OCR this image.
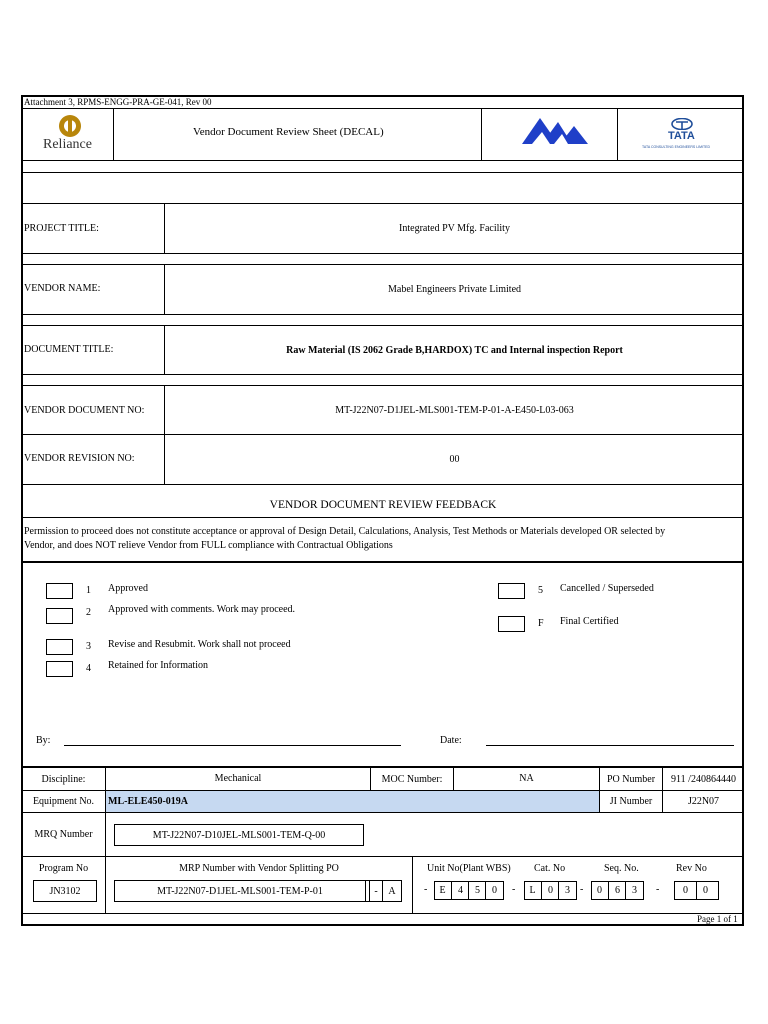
Attachment 3, RPMS-ENGG-PRA-GE-041, Rev 00
Reliance
Vendor Document Review Sheet (DECAL)	TATA
TATA CONSULTING ENGINEERS LIMITED
PROJECT TITLE:	Integrated PV Mfg. Facility
VENDOR NAME:	Mabel Engineers Private Limited
DOCUMENT TITLE:	Raw Material (IS 2062 Grade B,HARDOX) TC and Internal inspection Report
VENDOR DOCUMENT NO:	MT-J22N07-D1JEL-MLS001-TEM-P-01-A-E450-L03-063
VENDOR REVISION NO:	00
VENDOR DOCUMENT REVIEW FEEDBACK
Permission to proceed does not constitute acceptance or approval of Design Detail, Calculations, Analysis, Test Methods or Materials developed OR selected by
Vendor, and does NOT relieve Vendor from FULL compliance with Contractual Obligations
1 Approved
2 Approved with comments. Work may proceed.
3 Revise and Resubmit. Work shall not proceed
4 Retained for Information
5 Cancelled / Superseded
F Final Certified
By:	Date:
Discipline:	Mechanical	MOC Number:	NA	PO Number	911 /240864440
Equipment No.	ML-ELE450-019A	JI Number	J22N07
MRQ Number	MT-J22N07-D10JEL-MLS001-TEM-Q-00
Program No
JN3102
MRP Number with Vendor Splitting PO
MT-J22N07-D1JEL-MLS001-TEM-P-01	-	A
Unit No(Plant WBS)
-	E	4	5	0
Cat. No
-	L	0	3
Seq. No.
-	0	6	3
Rev No
-	0	0
Page 1 of 1
